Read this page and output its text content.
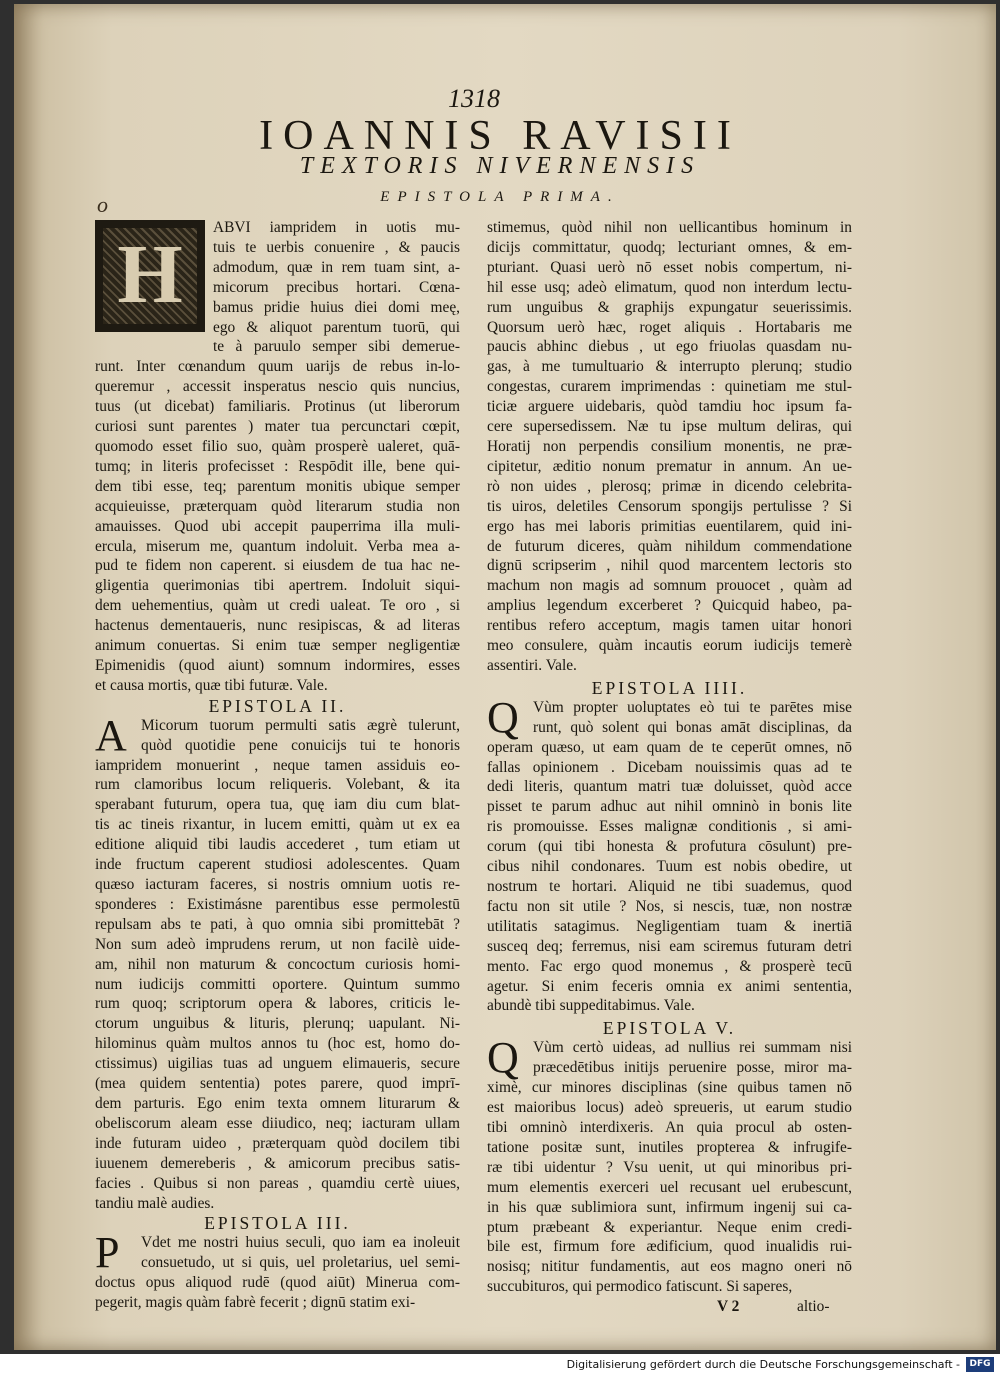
1318
IOANNIS RAVISII
TEXTORIS NIVERNENSIS
EPISTOLA PRIMA.
o
H
ABVI iampridem in uotis mu-
tuis te uerbis conuenire , & paucis
admodum, quæ in rem tuam sint, a-
micorum precibus hortari. Cœna-
bamus pridie huius diei domi meę,
ego & aliquot parentum tuorū, qui
te à paruulo semper sibi demerue-
runt. Inter cœnandum quum uarijs de rebus in-lo-
queremur , accessit insperatus nescio quis nuncius,
tuus (ut dicebat) familiaris. Protinus (ut liberorum
curiosi sunt parentes ) mater tua percunctari cœpit,
quomodo esset filio suo, quàm prosperè ualeret, quā-
tumq; in literis profecisset : Respōdit ille, bene qui-
dem tibi esse, teq; parentum monitis ubique semper
acquieuisse, præterquam quòd literarum studia non
amauisses. Quod ubi accepit pauperrima illa muli-
ercula, miserum me, quantum indoluit. Verba mea a-
pud te fidem non caperent. si eiusdem de tua hac ne-
gligentia querimonias tibi apertrem. Indoluit siqui-
dem uehementius, quàm ut credi ualeat. Te oro , si
hactenus dementaueris, nunc resipiscas, & ad literas
animum conuertas. Si enim tuæ semper negligentiæ
Epimenidis (quod aiunt) somnum indormires, esses
et causa mortis, quæ tibi futuræ. Vale.
EPISTOLA II.
Micorum tuorum permulti satis ægrè tulerunt,
quòd quotidie pene conuicijs tui te honoris
iampridem monuerint , neque tamen assiduis eo-
rum clamoribus locum reliqueris. Volebant, & ita
sperabant futurum, opera tua, quę iam diu cum blat-
tis ac tineis rixantur, in lucem emitti, quàm ut ex ea
editione aliquid tibi laudis accederet , tum etiam ut
inde fructum caperent studiosi adolescentes. Quam
quæso iacturam faceres, si nostris omnium uotis re-
sponderes : Existimásne parentibus esse permolestū
repulsam abs te pati, à quo omnia sibi promittebāt ?
Non sum adeò imprudens rerum, ut non facilè uide-
am, nihil non maturum & concoctum curiosis homi-
num iudicijs committi oportere. Quintum summo
rum quoq; scriptorum opera & labores, criticis le-
ctorum unguibus & lituris, plerunq; uapulant. Ni-
hilominus quàm multos annos tu (hoc est, homo do-
ctissimus) uigilias tuas ad unguem elimaueris, secure
(mea quidem sententia) potes parere, quod imprī-
dem parturis. Ego enim texta omnem liturarum &
obeliscorum aleam esse diiudico, neq; iacturam ullam
inde futuram uideo , præterquam quòd docilem tibi
iuuenem demereberis , & amicorum precibus satis-
facies . Quibus si non pareas , quamdiu certè uiues,
tandiu malè audies.
A
EPISTOLA III.
Vdet me nostri huius seculi, quo iam ea inoleuit
consuetudo, ut si quis, uel proletarius, uel semi-
doctus opus aliquod rudē (quod aiūt) Minerua com-
pegerit, magis quàm fabrè fecerit ; dignū statim exi-
P
stimemus, quòd nihil non uellicantibus hominum in
dicijs committatur, quodq; lecturiant omnes, & em-
pturiant. Quasi uerò nō esset nobis compertum, ni-
hil esse usq; adeò elimatum, quod non interdum lectu-
rum unguibus & graphijs expungatur seuerissimis.
Quorsum uerò hæc, roget aliquis . Hortabaris me
paucis abhinc diebus , ut ego friuolas quasdam nu-
gas, à me tumultuario & interrupto plerunq; studio
congestas, curarem imprimendas : quinetiam me stul-
ticiæ arguere uidebaris, quòd tamdiu hoc ipsum fa-
cere supersedissem. Næ tu ipse multum deliras, qui
Horatij non perpendis consilium monentis, ne præ-
cipitetur, æditio nonum prematur in annum. An ue-
rò non uides , plerosq; primæ in dicendo celebrita-
tis uiros, deletiles Censorum spongijs pertulisse ? Si
ergo has mei laboris primitias euentilarem, quid ini-
de futurum diceres, quàm nihildum commendatione
dignū scripserim , nihil quod marcentem lectoris sto
machum non magis ad somnum prouocet , quàm ad
amplius legendum excerberet ? Quicquid habeo, pa-
rentibus refero acceptum, magis tamen uitar honori
meo consulere, quàm incautis eorum iudicijs temerè
assentiri. Vale.
EPISTOLA IIII.
Vùm propter uoluptates eò tui te parētes mise
runt, quò solent qui bonas amāt disciplinas, da
operam quæso, ut eam quam de te ceperūt omnes, nō
fallas opinionem . Dicebam nouissimis quas ad te
dedi literis, quantum matri tuæ doluisset, quòd acce
pisset te parum adhuc aut nihil omninò in bonis lite
ris promouisse. Esses malignæ conditionis , si ami-
corum (qui tibi honesta & profutura cōsulunt) pre-
cibus nihil condonares. Tuum est nobis obedire, ut
nostrum te hortari. Aliquid ne tibi suademus, quod
factu non sit utile ? Nos, si nescis, tuæ, non nostræ
utilitatis satagimus. Negligentiam tuam & inertiā
susceq deq; ferremus, nisi eam sciremus futuram detri
mento. Fac ergo quod monemus , & prosperè tecū
agetur. Si enim feceris omnia ex animi sententia,
abundè tibi suppeditabimus. Vale.
Q
EPISTOLA V.
Vùm certò uideas, ad nullius rei summam nisi
præcedētibus initijs peruenire posse, miror ma-
ximè, cur minores disciplinas (sine quibus tamen nō
est maioribus locus) adeò spreueris, ut earum studio
tibi omninò interdixeris. An quia procul ab osten-
tatione positæ sunt, inutiles propterea & infrugife-
ræ tibi uidentur ? Vsu uenit, ut qui minoribus pri-
mum elementis exerceri uel recusant uel erubescunt,
in his quæ sublimiora sunt, infirmum ingenij sui ca-
ptum præbeant & experiantur. Neque enim credi-
bile est, firmum fore ædificium, quod inualidis rui-
nosisq; nititur fundamentis, aut eos magno oneri nō
succubituros, qui permodico fatiscunt. Si saperes,
Q
V 2	altio-
Digitalisierung gefördert durch die Deutsche Forschungsgemeinschaft -	DFG
